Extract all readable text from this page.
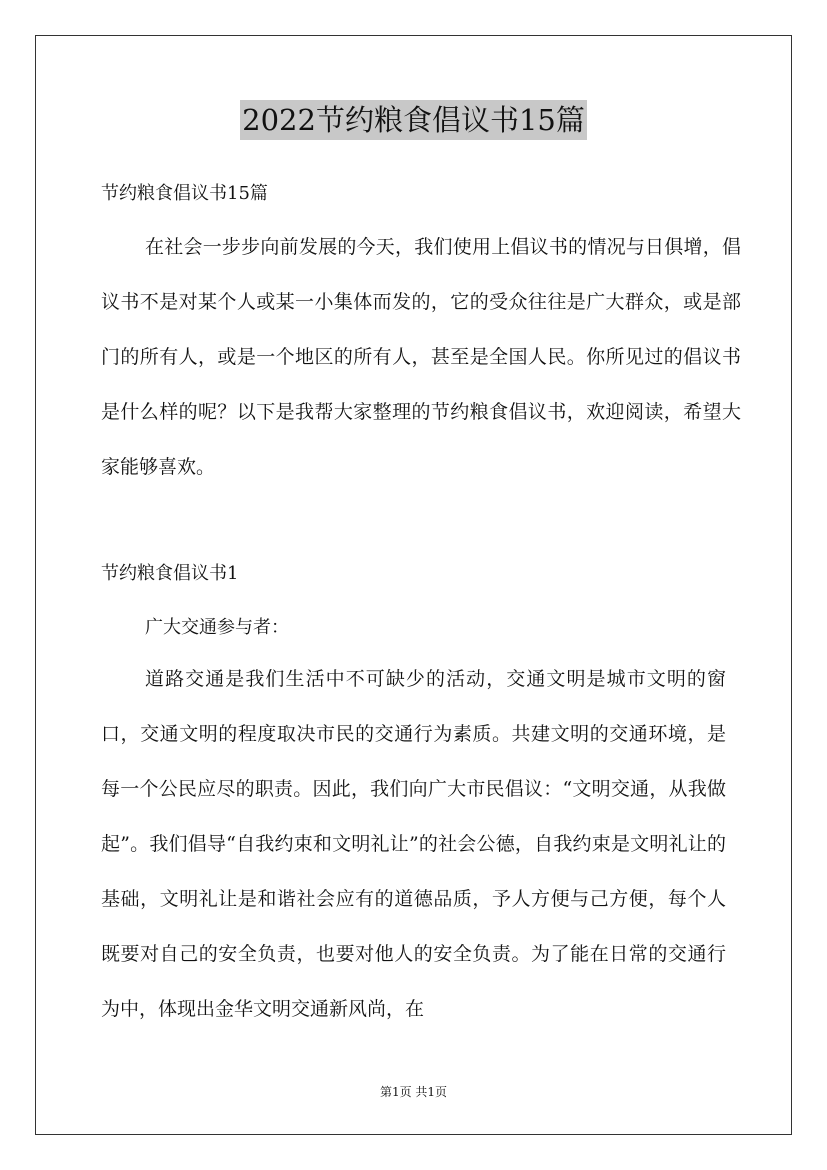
2022节约粮食倡议书15篇
节约粮食倡议书15篇

在社会一步步向前发展的今天，我们使用上倡议书的情况与日俱增，倡议书不是对某个人或某一小集体而发的，它的受众往往是广大群众，或是部门的所有人，或是一个地区的所有人，甚至是全国人民。你所见过的倡议书是什么样的呢？以下是我帮大家整理的节约粮食倡议书，欢迎阅读，希望大家能够喜欢。

节约粮食倡议书1
广大交通参与者：

道路交通是我们生活中不可缺少的活动，交通文明是城市文明的窗口，交通文明的程度取决市民的交通行为素质。共建文明的交通环境，是每一个公民应尽的职责。因此，我们向广大市民倡议：“文明交通，从我做起”。我们倡导“自我约束和文明礼让”的社会公德，自我约束是文明礼让的基础，文明礼让是和谐社会应有的道德品质，予人方便与己方便，每个人既要对自己的安全负责，也要对他人的安全负责。为了能在日常的交通行为中，体现出金华文明交通新风尚，在

第1页 共1页
